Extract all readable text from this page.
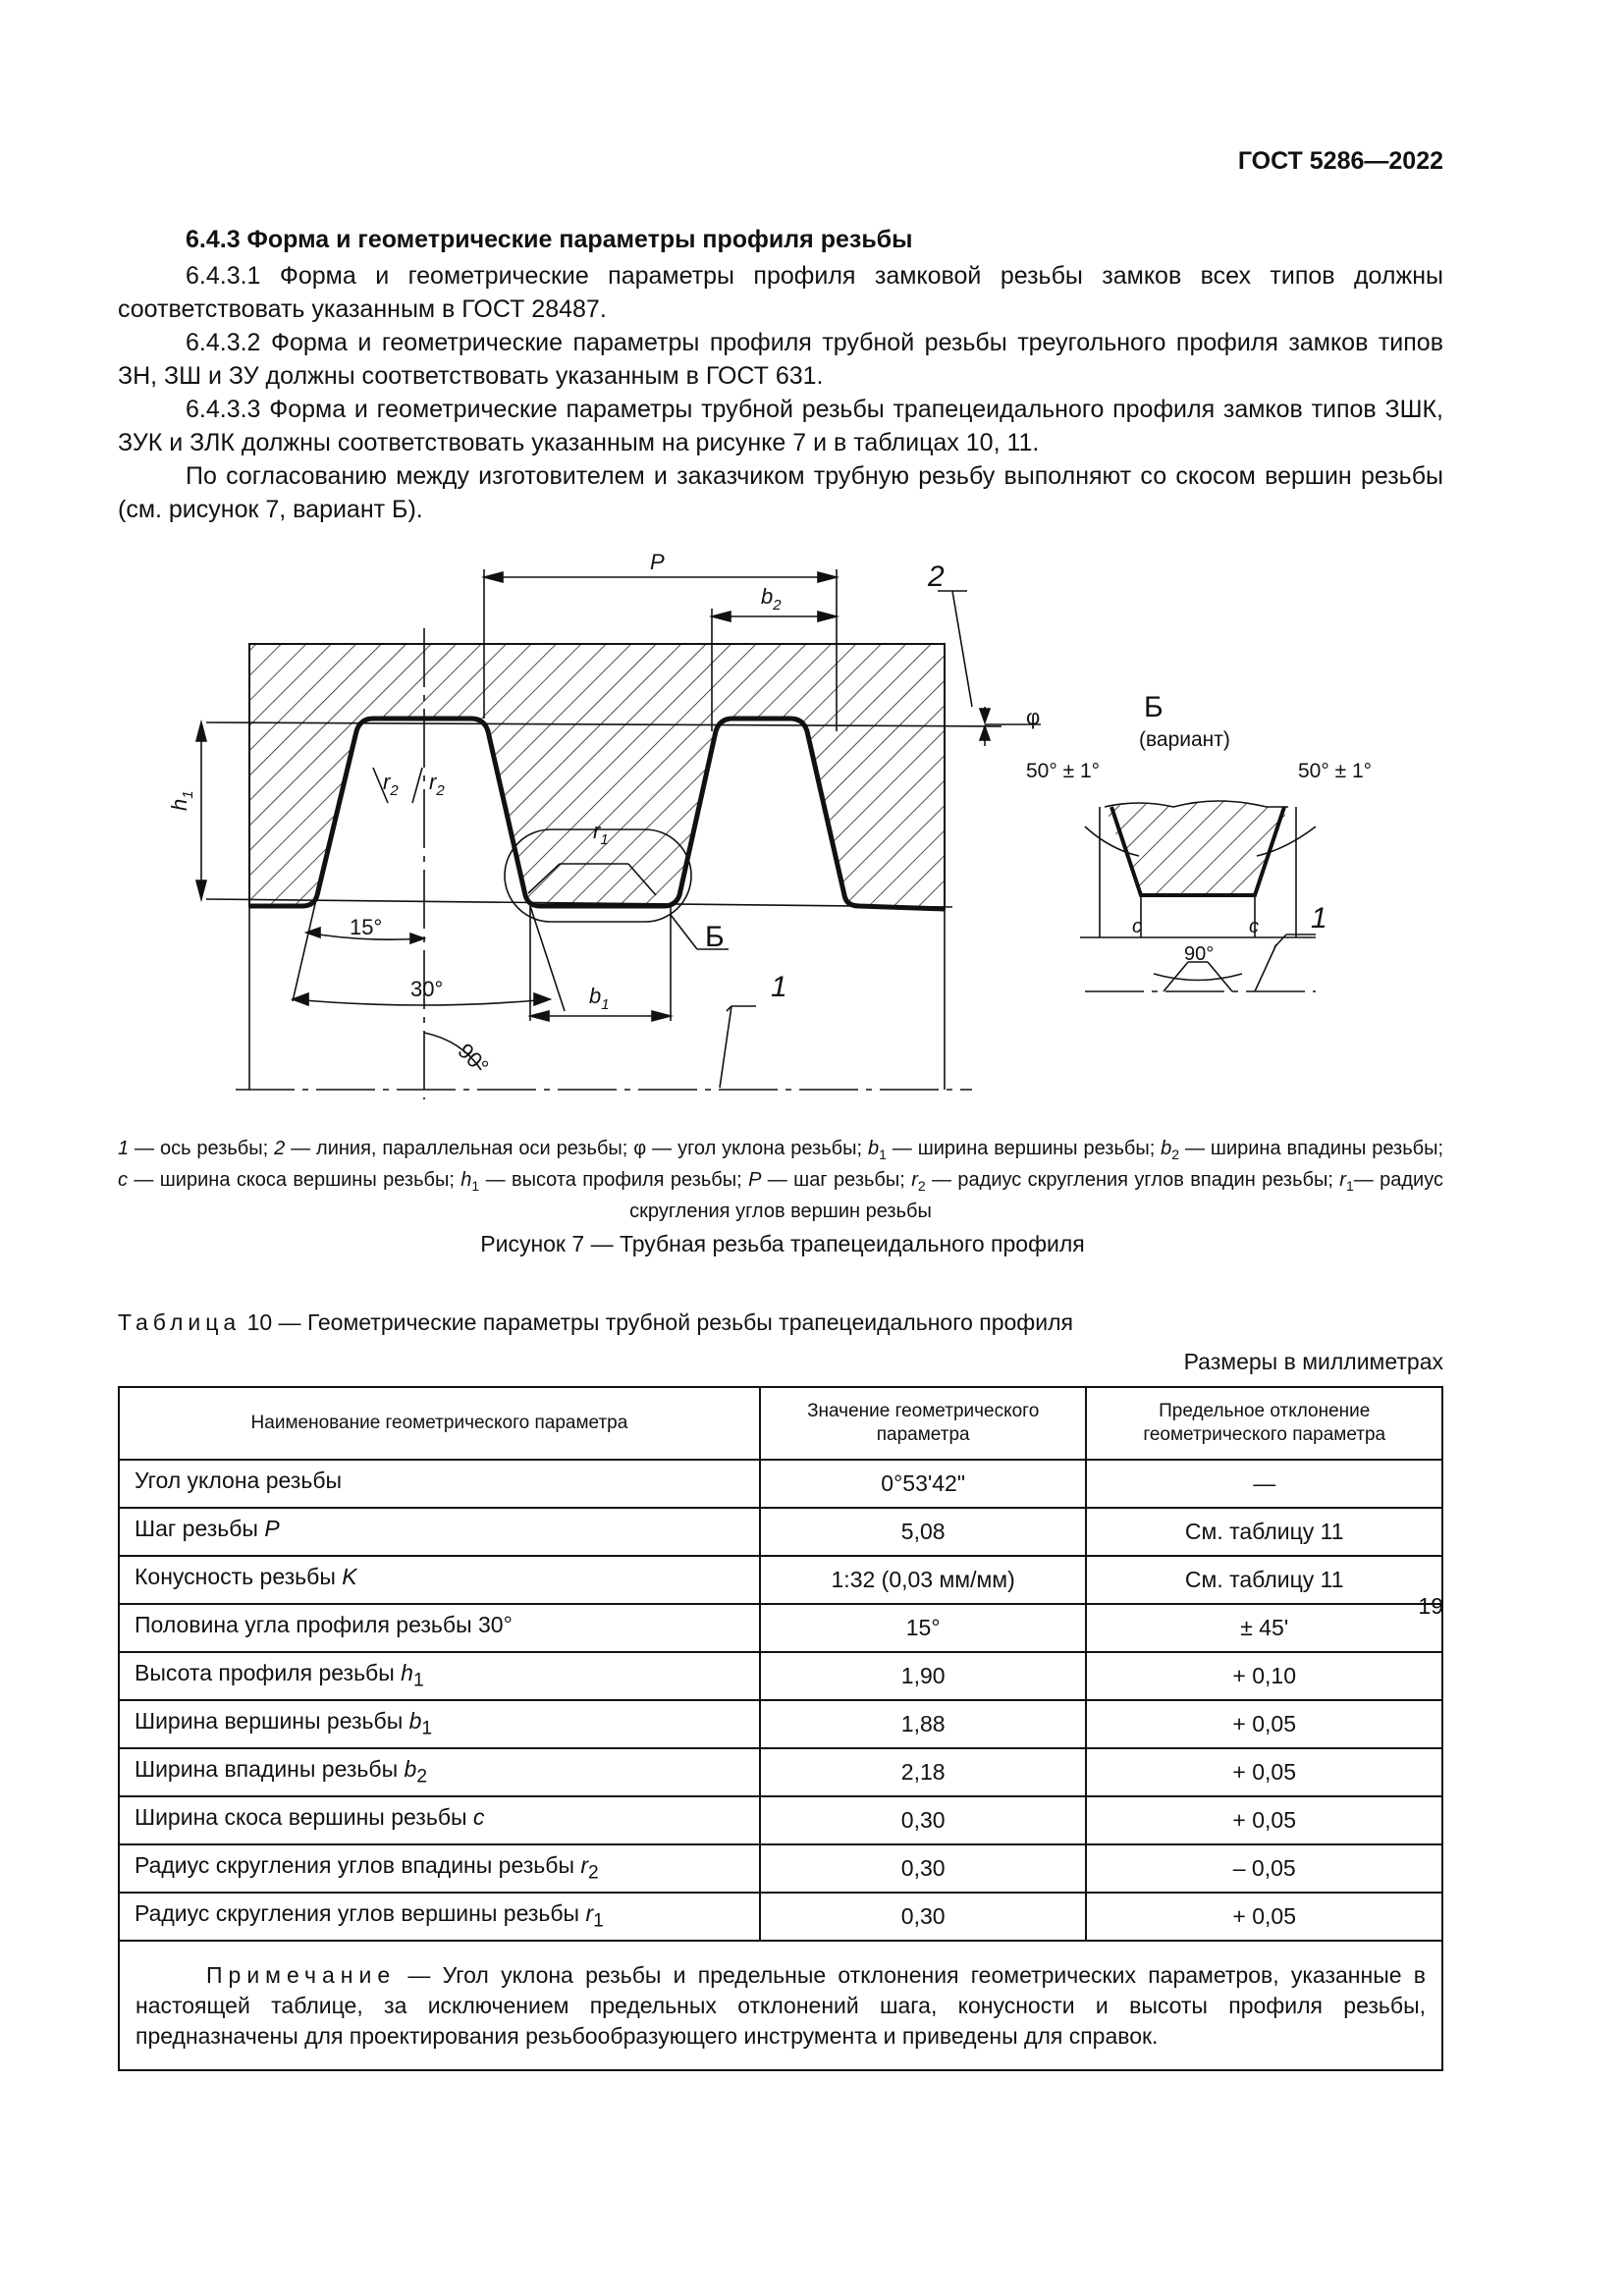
ГОСТ 5286—2022
6.4.3 Форма и геометрические параметры профиля резьбы

6.4.3.1 Форма и геометрические параметры профиля замковой резьбы замков всех типов должны соответствовать указанным в ГОСТ 28487.

6.4.3.2 Форма и геометрические параметры профиля трубной резьбы треугольного профиля замков типов ЗН, ЗШ и ЗУ должны соответствовать указанным в ГОСТ 631.

6.4.3.3 Форма и геометрические параметры трубной резьбы трапецеидального профиля замков типов ЗШК, ЗУК и ЗЛК должны соответствовать указанным на рисунке 7 и в таблицах 10, 11.

По согласованию между изготовителем и заказчиком трубную резьбу выполняют со скосом вершин резьбы (см. рисунок 7, вариант Б).

P
$b_2$
2
φ
$h_1$
$r_2$ $r_2$
$r_1$
15°
30°
90°
$b_1$
Б
1
Б
(вариант)
50° ± 1°	50° ± 1°
c	c
90°
1
1 — ось резьбы; 2 — линия, параллельная оси резьбы; φ — угол уклона резьбы; $b_1$ — ширина вершины резьбы; $b_2$ — ширина впадины резьбы; c — ширина скоса вершины резьбы; $h_1$ — высота профиля резьбы; P — шаг резьбы; $r_2$ — радиус скругления углов впадин резьбы; $r_1—$ радиус скругления углов вершин резьбы
Рисунок 7 — Трубная резьба трапецеидального профиля
Таблица 10 — Геометрические параметры трубной резьбы трапецеидального профиля
Размеры в миллиметрах
Наименование геометрического параметра	Значение геометрического параметра	Предельное отклонение геометрического параметра
Угол уклона резьбы	0°53'42"	—
Шаг резьбы P	5,08	См. таблицу 11
Конусность резьбы K	1:32 (0,03 мм/мм)	См. таблицу 11
Половина угла профиля резьбы 30°	15°	± 45'
Высота профиля резьбы $h_1$	1,90	+ 0,10
Ширина вершины резьбы $b_1$	1,88	+ 0,05
Ширина впадины резьбы $b_2$	2,18	+ 0,05
Ширина скоса вершины резьбы c	0,30	+ 0,05
Радиус скругления углов впадины резьбы $r_2$	0,30	– 0,05
Радиус скругления углов вершины резьбы $r_1$	0,30	+ 0,05
Примечание — Угол уклона резьбы и предельные отклонения геометрических параметров, указанные в настоящей таблице, за исключением предельных отклонений шага, конусности и высоты профиля резьбы, предназначены для проектирования резьбообразующего инструмента и приведены для справок.		
19
